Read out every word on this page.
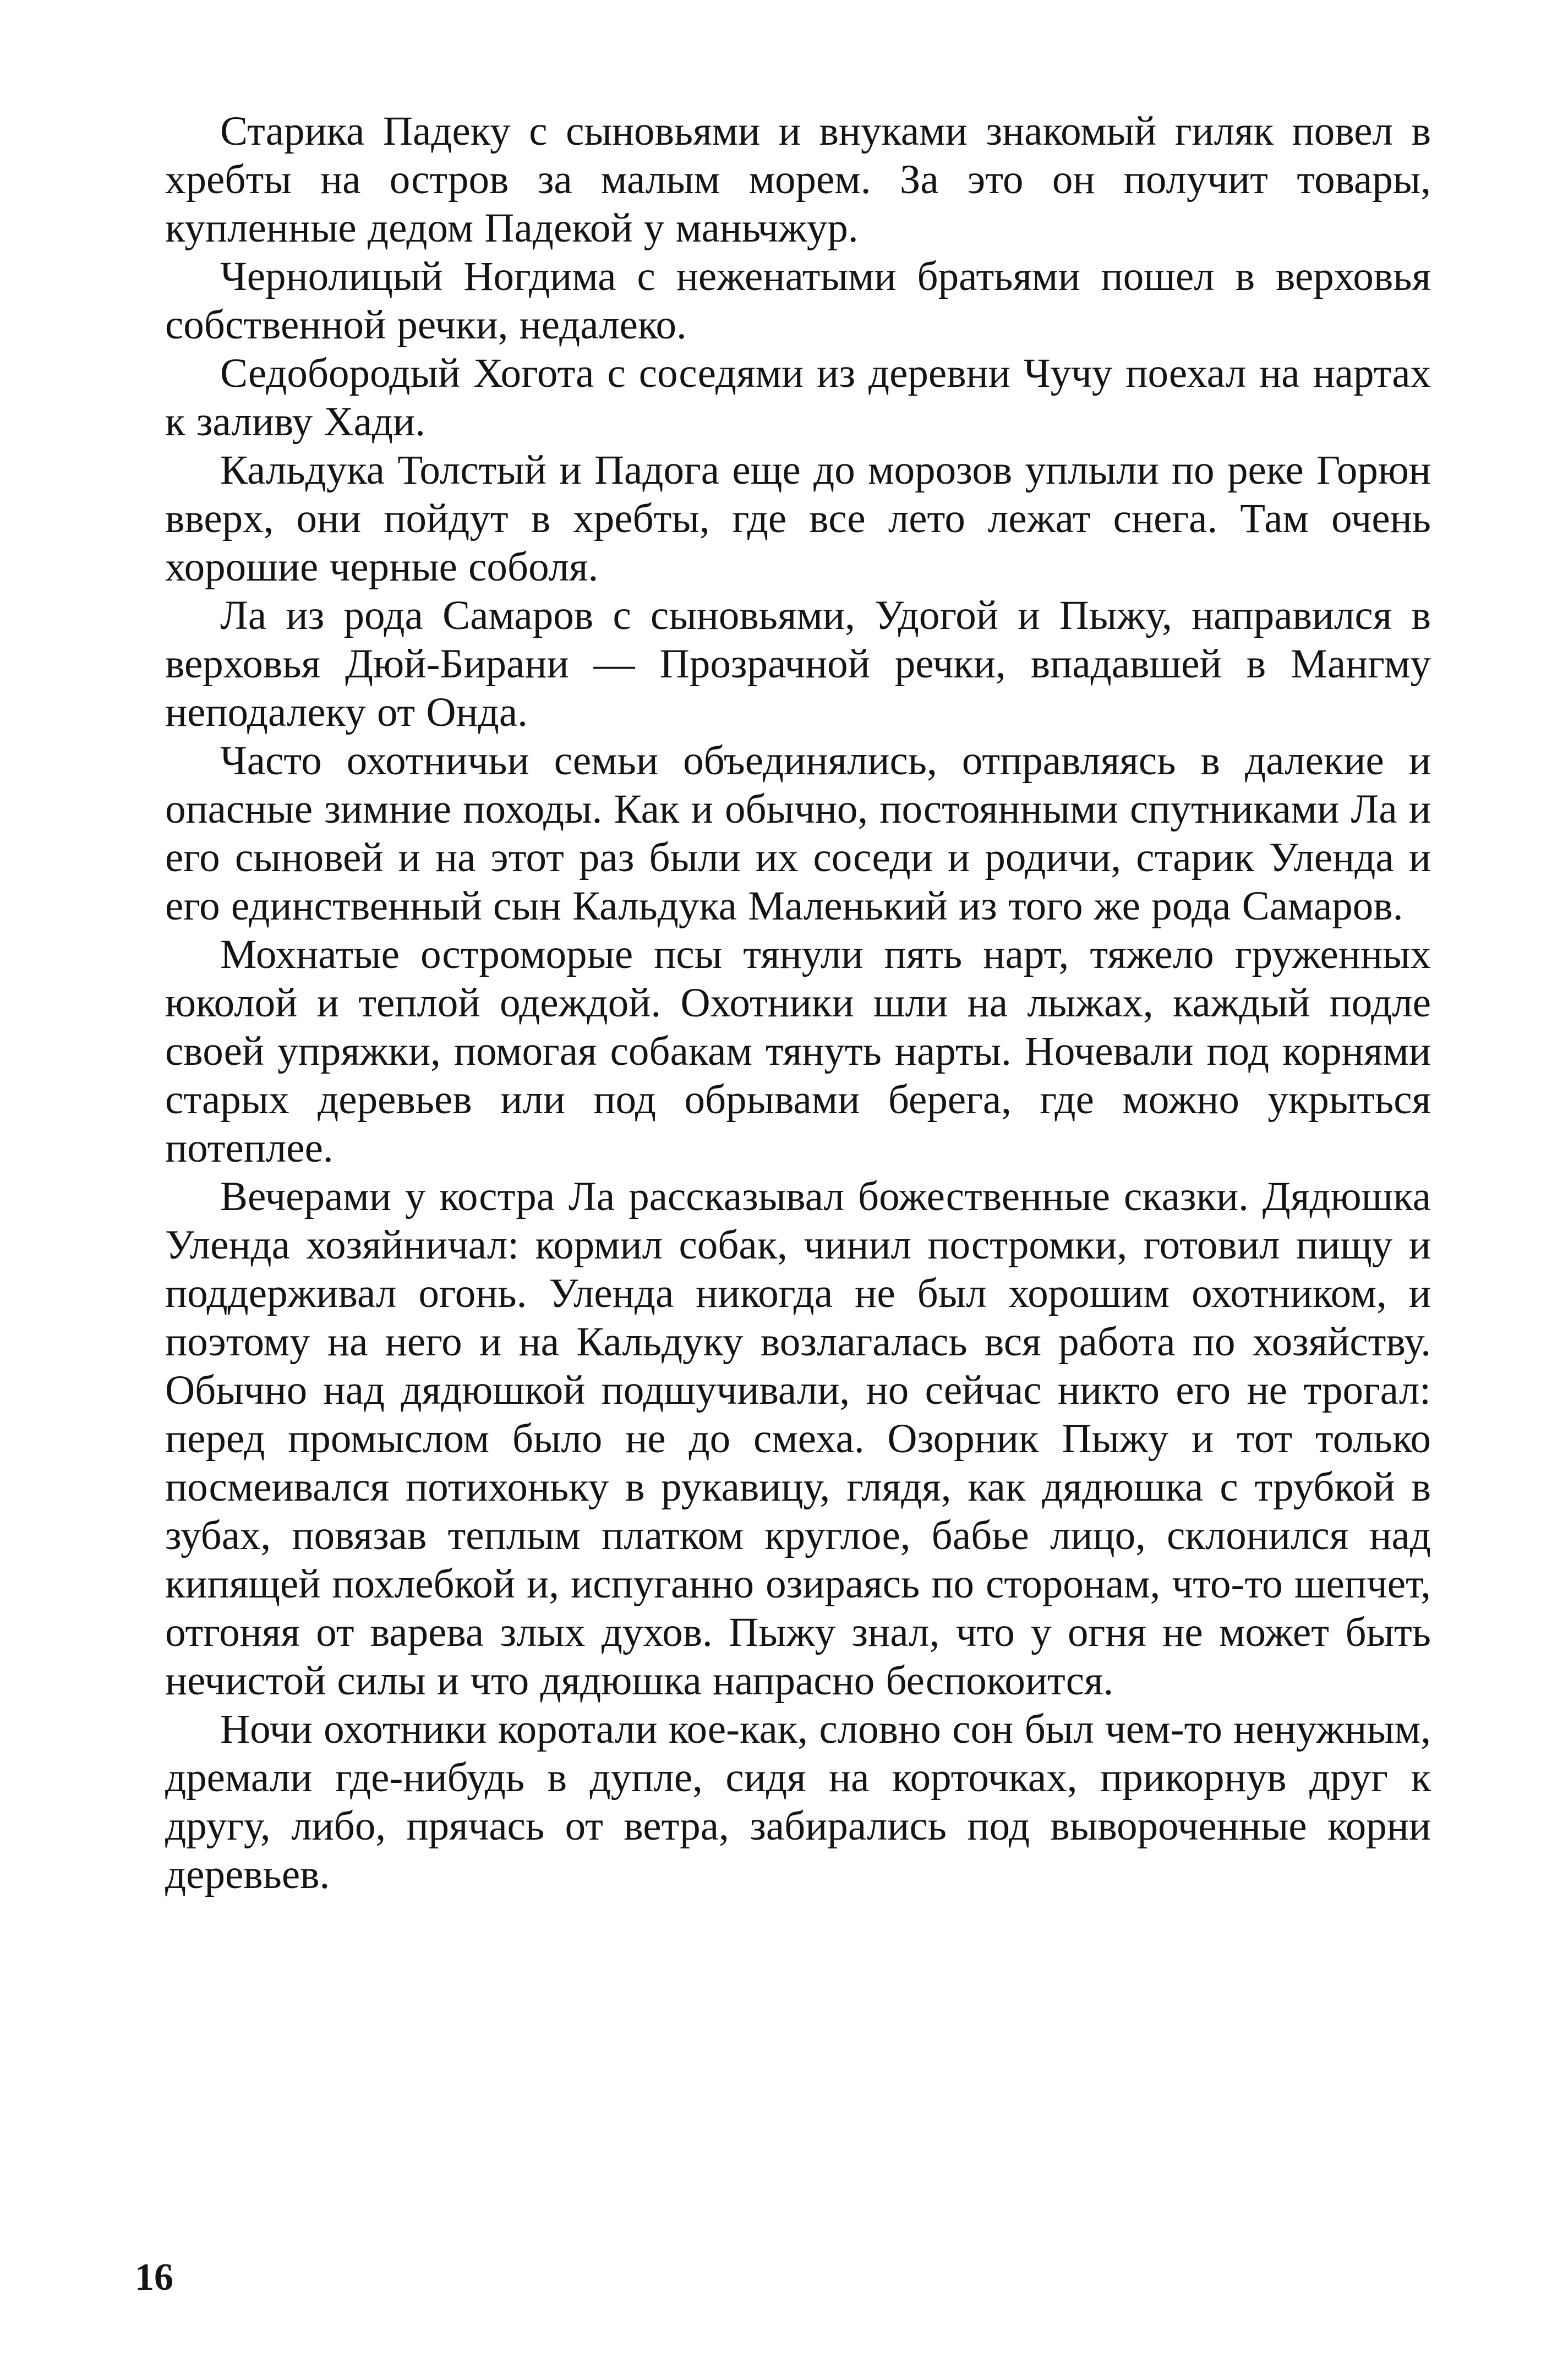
Старика Падеку с сыновьями и внуками знакомый гиляк повел в хребты на остров за малым морем. За это он получит товары, купленные дедом Падекой у маньчжур.

Чернолицый Ногдима с неженатыми братьями пошел в верховья собственной речки, недалеко.

Седобородый Хогота с соседями из деревни Чучу поехал на нартах к заливу Хади.

Кальдука Толстый и Падога еще до морозов уплыли по реке Горюн вверх, они пойдут в хребты, где все лето лежат снега. Там очень хорошие черные соболя.

Ла из рода Самаров с сыновьями, Удогой и Пыжу, направился в верховья Дюй-Бирани — Прозрачной речки, впадавшей в Мангму неподалеку от Онда.

Часто охотничьи семьи объединялись, отправляясь в далекие и опасные зимние походы. Как и обычно, постоянными спутниками Ла и его сыновей и на этот раз были их соседи и родичи, старик Уленда и его единственный сын Кальдука Маленький из того же рода Самаров.

Мохнатые остроморые псы тянули пять нарт, тяжело груженных юколой и теплой одеждой. Охотники шли на лыжах, каждый подле своей упряжки, помогая собакам тянуть нарты. Ночевали под корнями старых деревьев или под обрывами берега, где можно укрыться потеплее.

Вечерами у костра Ла рассказывал божественные сказки. Дядюшка Уленда хозяйничал: кормил собак, чинил постромки, готовил пищу и поддерживал огонь. Уленда никогда не был хорошим охотником, и поэтому на него и на Кальдуку возлагалась вся работа по хозяйству. Обычно над дядюшкой подшучивали, но сейчас никто его не трогал: перед промыслом было не до смеха. Озорник Пыжу и тот только посмеивался потихоньку в рукавицу, глядя, как дядюшка с трубкой в зубах, повязав теплым платком круглое, бабье лицо, склонился над кипящей похлебкой и, испуганно озираясь по сторонам, что-то шепчет, отгоняя от варева злых духов. Пыжу знал, что у огня не может быть нечистой силы и что дядюшка напрасно беспокоится.

Ночи охотники коротали кое-как, словно сон был чем-то ненужным, дремали где-нибудь в дупле, сидя на корточках, прикорнув друг к другу, либо, прячась от ветра, забирались под вывороченные корни деревьев.

16
